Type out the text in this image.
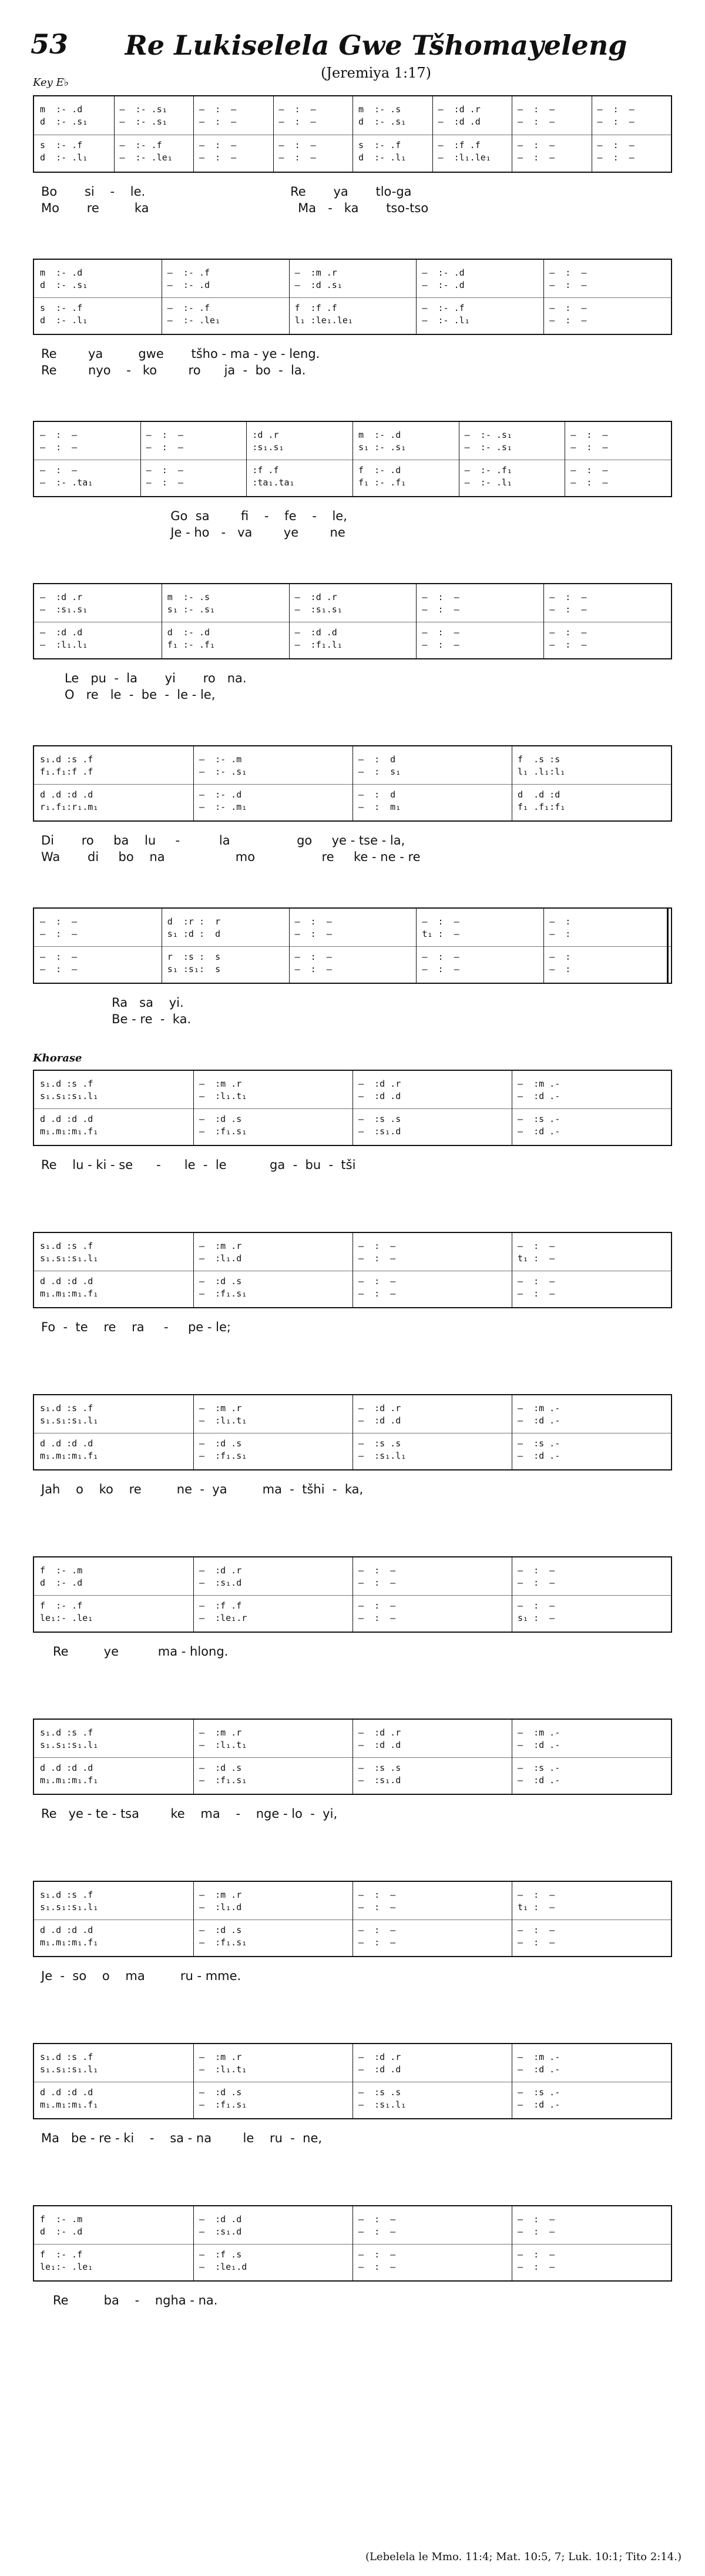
53 Re Lukiselela Gwe Tšhomayeleng
(Jeremiya 1:17)
Key E♭
Khorase
m  :- .d
d  :- .s₁
s  :- .f
d  :- .l₁
—  :- .s₁
—  :- .s₁
—  :- .f
—  :- .le₁
—  :  —
—  :  —
—  :  —
—  :  —
—  :  —
—  :  —
—  :  —
—  :  —
m  :- .s
d  :- .s₁
s  :- .f
d  :- .l₁
—  :d .r
—  :d .d
—  :f .f
—  :l₁.le₁
—  :  —
—  :  —
—  :  —
—  :  —
—  :  —
—  :  —
—  :  —
—  :  —
Bo       si    -    le.                                     Re       ya       tlo-ga
Mo       re         ka                                      Ma   -   ka       tso-tso
m  :- .d
d  :- .s₁
s  :- .f
d  :- .l₁
—  :- .f
—  :- .d
—  :- .f
—  :- .le₁
—  :m .r
—  :d .s₁
f  :f .f
l₁ :le₁.le₁
—  :- .d
—  :- .d
—  :- .f
—  :- .l₁
—  :  —
—  :  —
—  :  —
—  :  —
Re        ya         gwe       tšho - ma - ye - leng.
Re        nyo    -   ko        ro      ja  -  bo  -  la.
—  :  —
—  :  —
—  :  —
—  :- .ta₁
—  :  —
—  :  —
—  :  —
—  :  —
:d .r
:s₁.s₁
:f .f
:ta₁.ta₁
m  :- .d
s₁ :- .s₁
f  :- .d
f₁ :- .f₁
—  :- .s₁
—  :- .s₁
—  :- .f₁
—  :- .l₁
—  :  —
—  :  —
—  :  —
—  :  —
Go  sa        fi    -    fe    -    le,
Je - ho   -   va        ye        ne
—  :d .r
—  :s₁.s₁
—  :d .d
—  :l₁.l₁
m  :- .s
s₁ :- .s₁
d  :- .d
f₁ :- .f₁
—  :d .r
—  :s₁.s₁
—  :d .d
—  :f₁.l₁
—  :  —
—  :  —
—  :  —
—  :  —
—  :  —
—  :  —
—  :  —
—  :  —
Le   pu  -  la       yi       ro   na.
O   re   le  -  be  -  le - le,
s₁.d :s .f
f₁.f₁:f .f
d .d :d .d
r₁.f₁:r₁.m₁
—  :- .m
—  :- .s₁
—  :- .d
—  :- .m₁
—  :  d
—  :  s₁
—  :  d
—  :  m₁
f  .s :s
l₁ .l₁:l₁
d  .d :d
f₁ .f₁:f₁
Di       ro     ba    lu     -          la                 go     ye - tse - la,
Wa       di     bo    na                  mo                 re     ke - ne - re
—  :  —
—  :  —
—  :  —
—  :  —
d  :r :  r
s₁ :d :  d
r  :s :  s
s₁ :s₁:  s
—  :  —
—  :  —
—  :  —
—  :  —
—  :  —
t₁ :  —
—  :  —
—  :  —
—  :
—  :
—  :
—  :
Ra   sa    yi.
Be - re  -  ka.
s₁.d :s .f
s₁.s₁:s₁.l₁
d .d :d .d
m₁.m₁:m₁.f₁
—  :m .r
—  :l₁.t₁
—  :d .s
—  :f₁.s₁
—  :d .r
—  :d .d
—  :s .s
—  :s₁.d
—  :m .-
—  :d .-
—  :s .-
—  :d .-
Re    lu - ki - se      -      le  -  le           ga  -  bu  -  tši
s₁.d :s .f
s₁.s₁:s₁.l₁
d .d :d .d
m₁.m₁:m₁.f₁
—  :m .r
—  :l₁.d
—  :d .s
—  :f₁.s₁
—  :  —
—  :  —
—  :  —
—  :  —
—  :  —
t₁ :  —
—  :  —
—  :  —
Fo  -  te    re    ra     -     pe - le;
s₁.d :s .f
s₁.s₁:s₁.l₁
d .d :d .d
m₁.m₁:m₁.f₁
—  :m .r
—  :l₁.t₁
—  :d .s
—  :f₁.s₁
—  :d .r
—  :d .d
—  :s .s
—  :s₁.l₁
—  :m .-
—  :d .-
—  :s .-
—  :d .-
Jah    o    ko    re         ne  -  ya         ma  -  tšhi  -  ka,
f  :- .m
d  :- .d
f  :- .f
le₁:- .le₁
—  :d .r
—  :s₁.d
—  :f .f
—  :le₁.r
—  :  —
—  :  —
—  :  —
—  :  —
—  :  —
—  :  —
—  :  —
s₁ :  —
Re         ye          ma - hlong.
s₁.d :s .f
s₁.s₁:s₁.l₁
d .d :d .d
m₁.m₁:m₁.f₁
—  :m .r
—  :l₁.t₁
—  :d .s
—  :f₁.s₁
—  :d .r
—  :d .d
—  :s .s
—  :s₁.d
—  :m .-
—  :d .-
—  :s .-
—  :d .-
Re   ye - te - tsa        ke    ma    -    nge - lo  -  yi,
s₁.d :s .f
s₁.s₁:s₁.l₁
d .d :d .d
m₁.m₁:m₁.f₁
—  :m .r
—  :l₁.d
—  :d .s
—  :f₁.s₁
—  :  —
—  :  —
—  :  —
—  :  —
—  :  —
t₁ :  —
—  :  —
—  :  —
Je  -  so    o    ma         ru - mme.
s₁.d :s .f
s₁.s₁:s₁.l₁
d .d :d .d
m₁.m₁:m₁.f₁
—  :m .r
—  :l₁.t₁
—  :d .s
—  :f₁.s₁
—  :d .r
—  :d .d
—  :s .s
—  :s₁.l₁
—  :m .-
—  :d .-
—  :s .-
—  :d .-
Ma   be - re - ki    -    sa - na        le    ru  -  ne,
f  :- .m
d  :- .d
f  :- .f
le₁:- .le₁
—  :d .d
—  :s₁.d
—  :f .s
—  :le₁.d
—  :  —
—  :  —
—  :  —
—  :  —
—  :  —
—  :  —
—  :  —
—  :  —
Re         ba    -    ngha - na.
(Lebelela le Mmo. 11:4; Mat. 10:5, 7; Luk. 10:1; Tito 2:14.)
